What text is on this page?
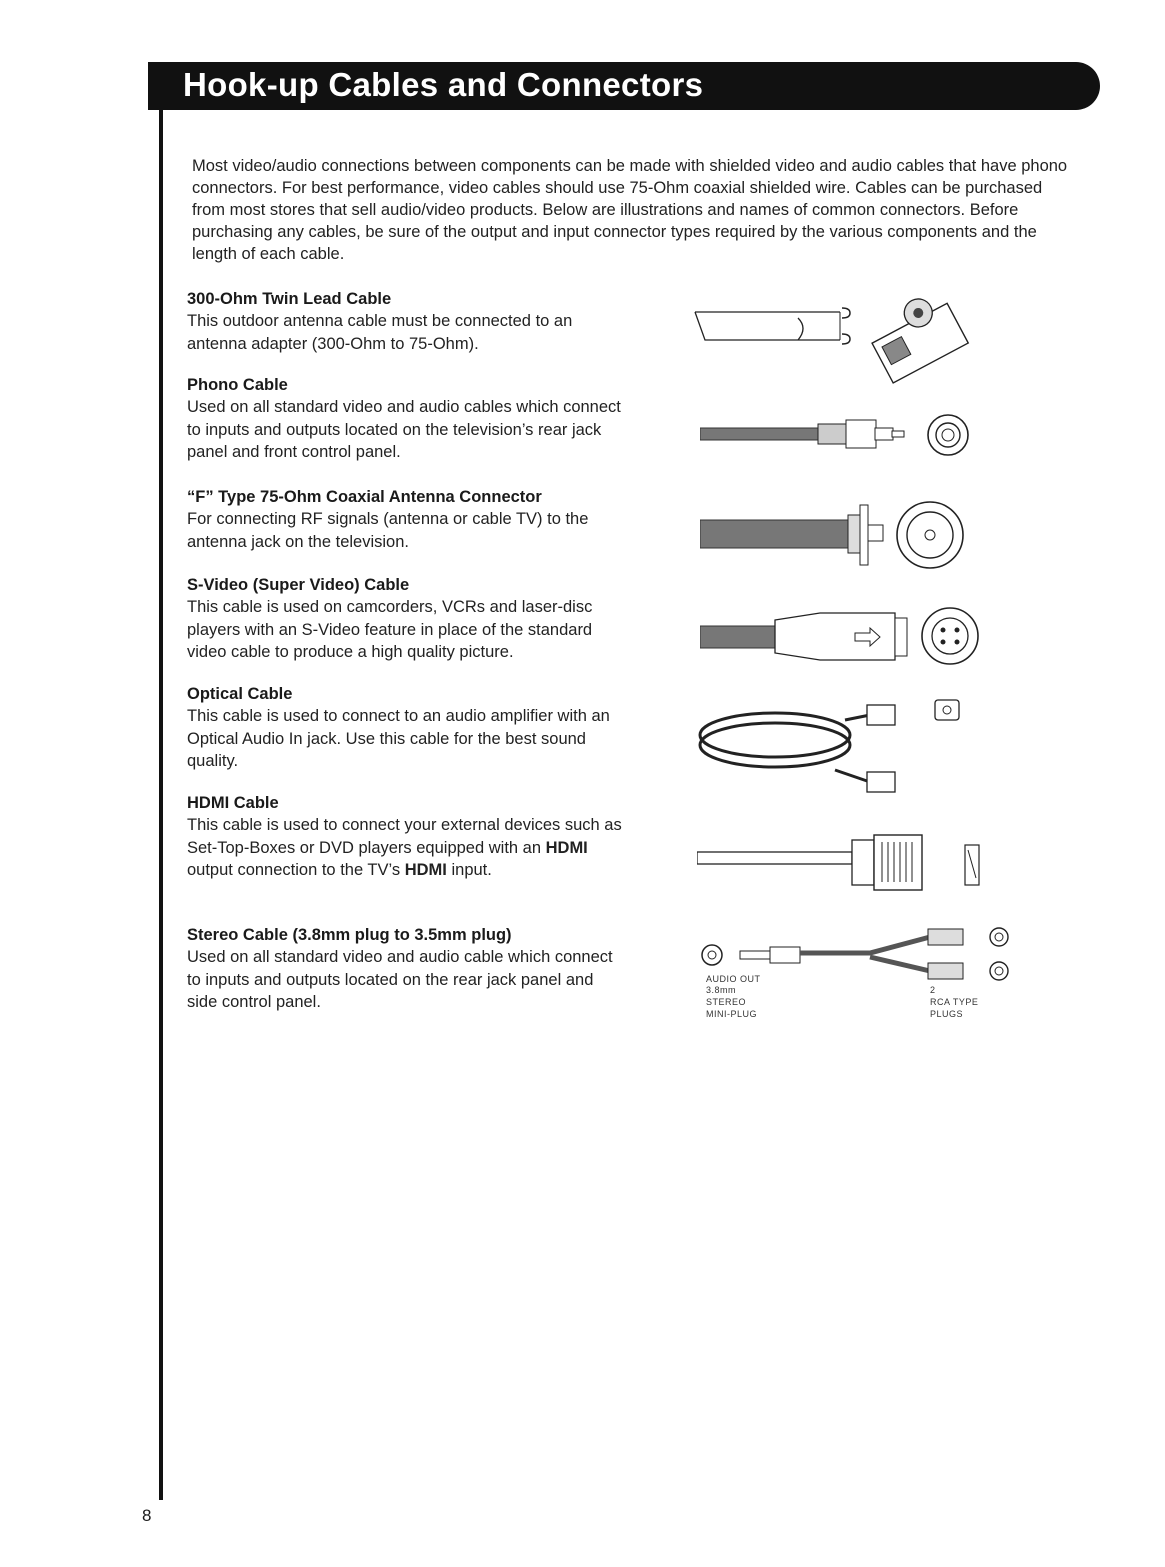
Hook-up Cables and Connectors

Most video/audio connections between components can be made with shielded video and audio cables that have phono connectors. For best performance, video cables should use 75-Ohm coaxial shielded wire. Cables can be purchased from most stores that sell audio/video products. Below are illustrations and names of common connectors. Before purchasing any cables, be sure of the output and input connector types required by the various components and the length of each cable.

300-Ohm Twin Lead Cable

This outdoor antenna cable must be connected to an antenna adapter (300-Ohm to 75-Ohm).

Phono Cable

Used on all standard video and audio cables which connect to inputs and outputs located on the television’s rear jack panel and front control panel.

“F” Type 75-Ohm Coaxial Antenna Connector

For connecting RF signals (antenna or cable TV) to the antenna jack on the television.

S-Video (Super Video) Cable

This cable is used on camcorders, VCRs and laser-disc players with an S-Video feature in place of the standard video cable to produce a high quality picture.

Optical Cable

This cable is used to connect to an audio amplifier with an Optical Audio In jack. Use this cable for the best sound quality.

HDMI Cable

This cable is used to connect your external devices such as Set-Top-Boxes or DVD players equipped with an HDMI output connection to the TV’s HDMI input.

Stereo Cable (3.8mm plug to 3.5mm plug)

Used on all standard video and audio cable which connect to inputs and outputs located on the rear jack panel and side control panel.

AUDIO OUT
3.8mm
STEREO
MINI-PLUG
2
RCA TYPE
PLUGS
8
